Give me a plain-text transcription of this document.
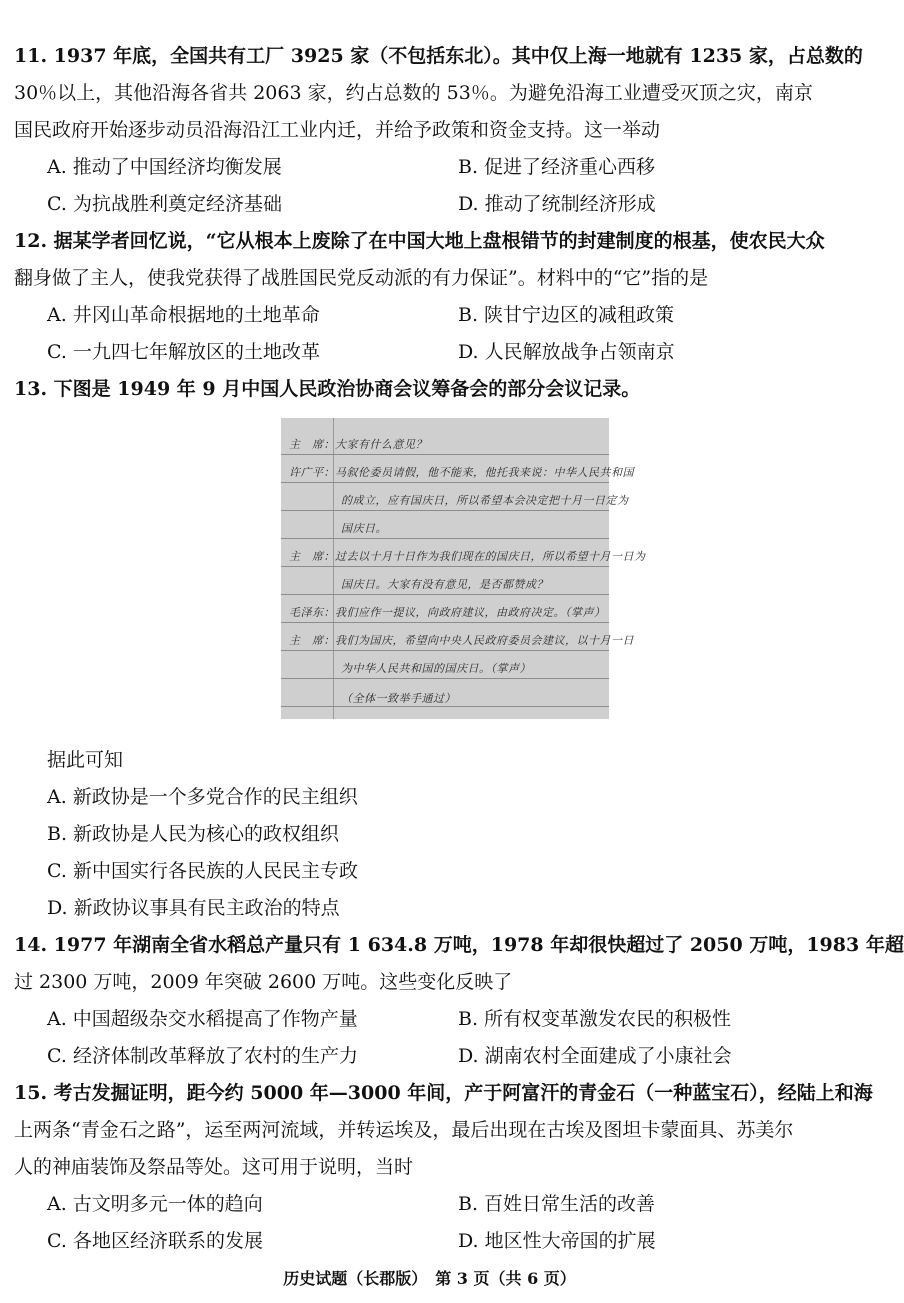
11. 1937 年底，全国共有工厂 3925 家（不包括东北）。其中仅上海一地就有 1235 家，占总数的
30％以上，其他沿海各省共 2063 家，约占总数的 53％。为避免沿海工业遭受灭顶之灾，南京
国民政府开始逐步动员沿海沿江工业内迁，并给予政策和资金支持。这一举动
A. 推动了中国经济均衡发展	B. 促进了经济重心西移
C. 为抗战胜利奠定经济基础	D. 推动了统制经济形成
12. 据某学者回忆说，“它从根本上废除了在中国大地上盘根错节的封建制度的根基，使农民大众
翻身做了主人，使我党获得了战胜国民党反动派的有力保证”。材料中的“它”指的是
A. 井冈山革命根据地的土地革命	B. 陕甘宁边区的减租政策
C. 一九四七年解放区的土地改革	D. 人民解放战争占领南京
13. 下图是 1949 年 9 月中国人民政治协商会议筹备会的部分会议记录。
主　席：大家有什么意见？
许广平：马叙伦委员请假，他不能来，他托我来说：中华人民共和国
的成立，应有国庆日，所以希望本会决定把十月一日定为
国庆日。
主　席：过去以十月十日作为我们现在的国庆日，所以希望十月一日为
国庆日。大家有没有意见，是否都赞成？
毛泽东：我们应作一提议，向政府建议，由政府决定。（掌声）
主　席：我们为国庆，希望向中央人民政府委员会建议，以十月一日
为中华人民共和国的国庆日。（掌声）
（全体一致举手通过）
据此可知
A. 新政协是一个多党合作的民主组织
B. 新政协是人民为核心的政权组织
C. 新中国实行各民族的人民民主专政
D. 新政协议事具有民主政治的特点
14. 1977 年湖南全省水稻总产量只有 1 634.8 万吨，1978 年却很快超过了 2050 万吨，1983 年超
过 2300 万吨，2009 年突破 2600 万吨。这些变化反映了
A. 中国超级杂交水稻提高了作物产量	B. 所有权变革激发农民的积极性
C. 经济体制改革释放了农村的生产力	D. 湖南农村全面建成了小康社会
15. 考古发掘证明，距今约 5000 年—3000 年间，产于阿富汗的青金石（一种蓝宝石），经陆上和海
上两条“青金石之路”，运至两河流域，并转运埃及，最后出现在古埃及图坦卡蒙面具、苏美尔
人的神庙装饰及祭品等处。这可用于说明，当时
A. 古文明多元一体的趋向	B. 百姓日常生活的改善
C. 各地区经济联系的发展	D. 地区性大帝国的扩展
历史试题（长郡版）　第 3 页（共 6 页）
